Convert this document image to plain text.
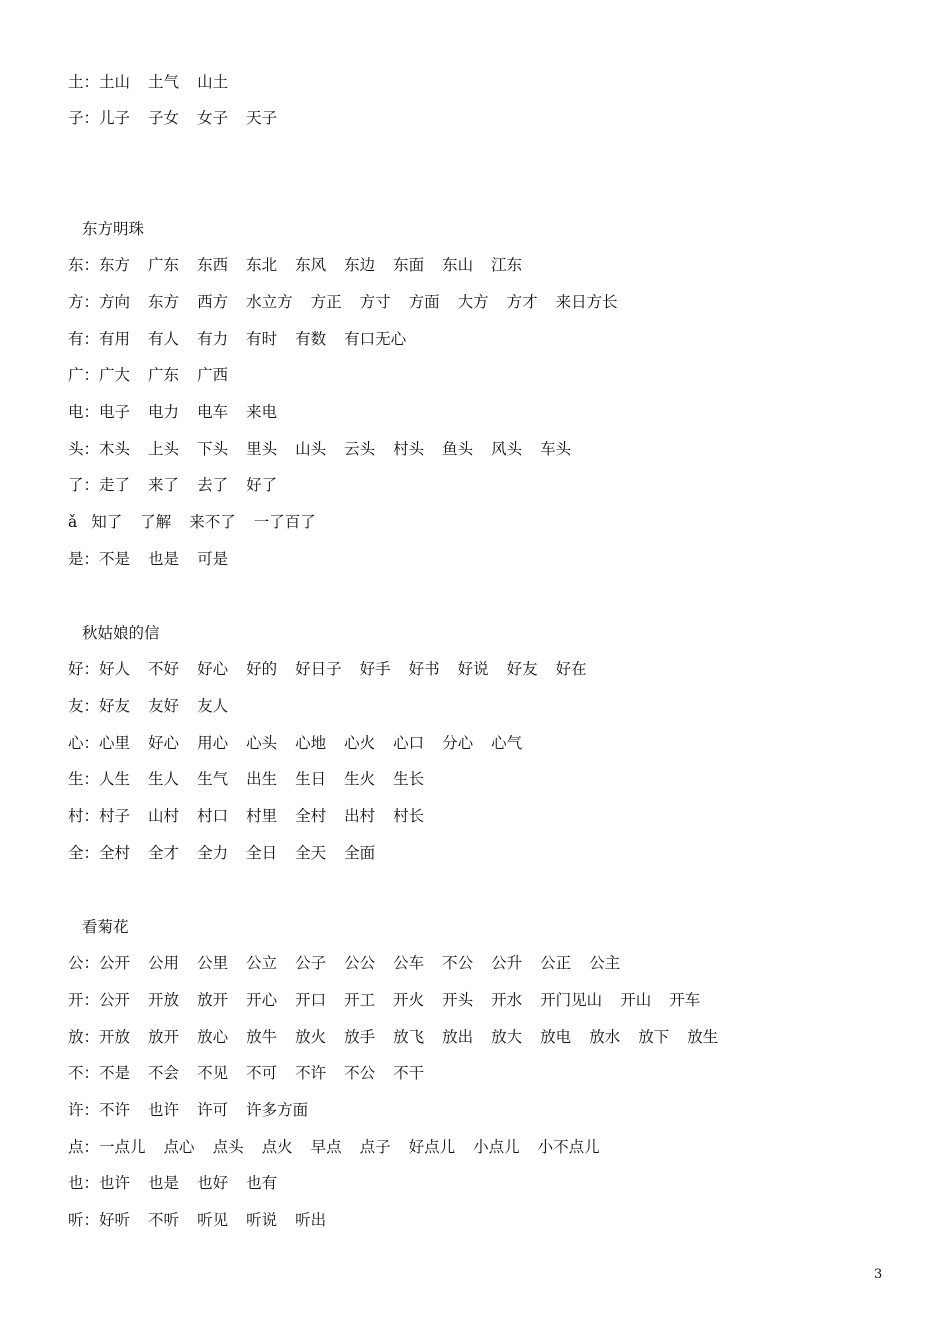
土：土山 土气 山土
子：儿子 子女 女子 天子
东方明珠
东：东方 广东 东西 东北 东风 东边 东面 东山 江东
方：方向 东方 西方 水立方 方正 方寸 方面 大方 方才 来日方长
有：有用 有人 有力 有时 有数 有口无心
广：广大 广东 广西
电：电子 电力 电车 来电
头：木头 上头 下头 里头 山头 云头 村头 鱼头 风头 车头
了：走了 来了 去了 好了
ǎ 知了 了解 来不了 一了百了
是：不是 也是 可是
秋姑娘的信
好：好人 不好 好心 好的 好日子 好手 好书 好说 好友 好在
友：好友 友好 友人
心：心里 好心 用心 心头 心地 心火 心口 分心 心气
生：人生 生人 生气 出生 生日 生火 生长
村：村子 山村 村口 村里 全村 出村 村长
全：全村 全才 全力 全日 全天 全面
看菊花
公：公开 公用 公里 公立 公子 公公 公车 不公 公升 公正 公主
开：公开 开放 放开 开心 开口 开工 开火 开头 开水 开门见山 开山 开车
放：开放 放开 放心 放牛 放火 放手 放飞 放出 放大 放电 放水 放下 放生
不：不是 不会 不见 不可 不许 不公 不干
许：不许 也许 许可 许多方面
点：一点儿 点心 点头 点火 早点 点子 好点儿 小点儿 小不点儿
也：也许 也是 也好 也有
听：好听 不听 听见 听说 听出
3
